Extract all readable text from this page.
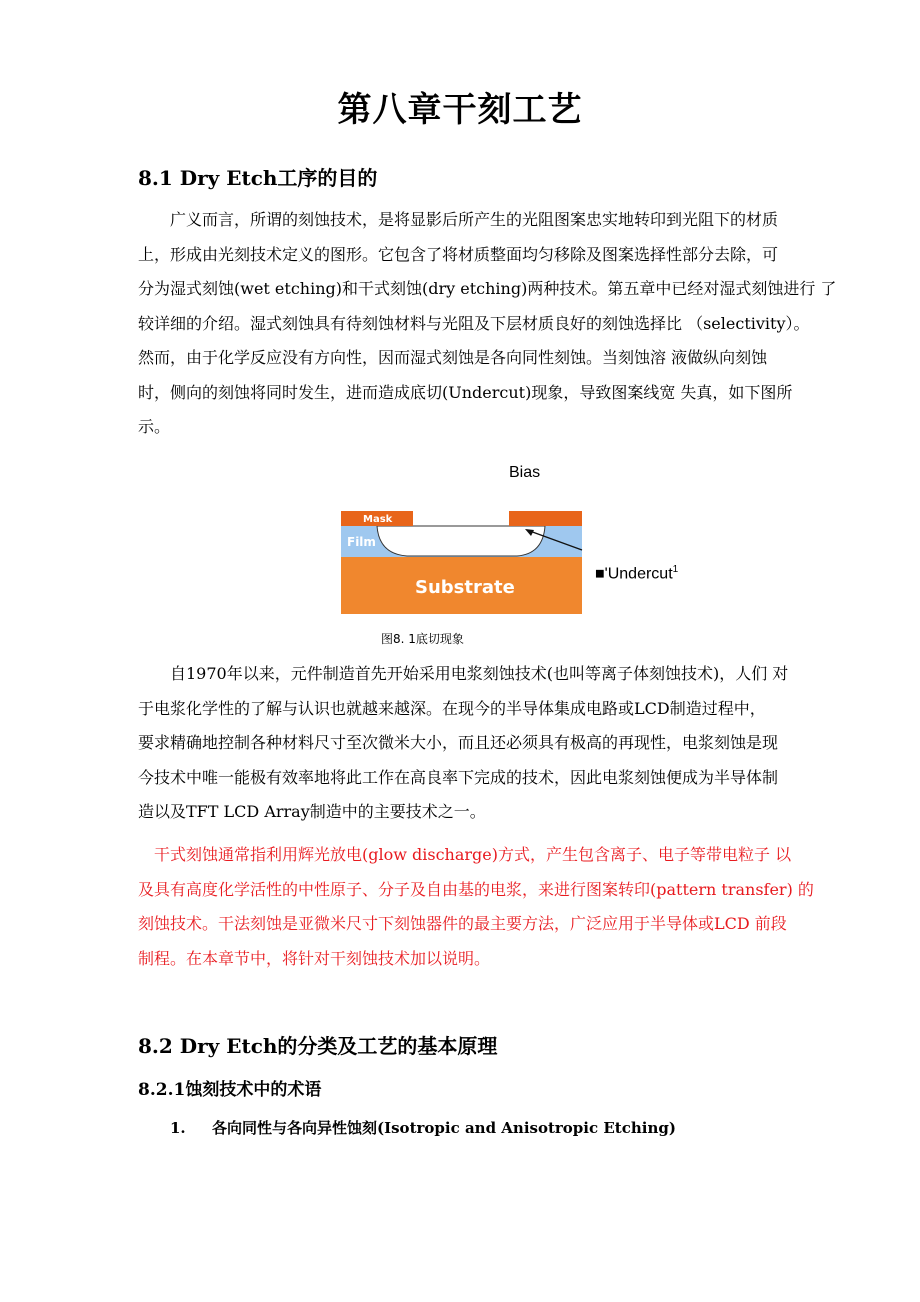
第八章干刻工艺
8.1 Dry Etch工序的目的

广义而言，所谓的刻蚀技术，是将显影后所产生的光阻图案忠实地转印到光阻下的材质
上，形成由光刻技术定义的图形。它包含了将材质整面均匀移除及图案选择性部分去除，可
分为湿式刻蚀(wet etching)和干式刻蚀(dry etching)两种技术。第五章中已经对湿式刻蚀进行 了
较详细的介绍。湿式刻蚀具有待刻蚀材料与光阻及下层材质良好的刻蚀选择比 （selectivity）。
然而，由于化学反应没有方向性，因而湿式刻蚀是各向同性刻蚀。当刻蚀溶 液做纵向刻蚀
时，侧向的刻蚀将同时发生，进而造成底切(Undercut)现象，导致图案线宽 失真，如下图所
示。

Bias
Mask
Film
Substrate
■'Undercut$^1$
图8. 1底切现象

自1970年以来，元件制造首先开始采用电浆刻蚀技术(也叫等离子体刻蚀技术)，人们 对
于电浆化学性的了解与认识也就越来越深。在现今的半导体集成电路或LCD制造过程中，
要求精确地控制各种材料尺寸至次微米大小，而且还必须具有极高的再现性，电浆刻蚀是现
今技术中唯一能极有效率地将此工作在高良率下完成的技术，因此电浆刻蚀便成为半导体制
造以及TFT LCD Array制造中的主要技术之一。

干式刻蚀通常指利用辉光放电(glow discharge)方式，产生包含离子、电子等带电粒子 以
及具有高度化学活性的中性原子、分子及自由基的电浆，来进行图案转印(pattern transfer) 的
刻蚀技术。干法刻蚀是亚微米尺寸下刻蚀器件的最主要方法，广泛应用于半导体或LCD 前段
制程。在本章节中，将针对干刻蚀技术加以说明。

8.2 Dry Etch的分类及工艺的基本原理
8.2.1蚀刻技术中的术语
1. 各向同性与各向异性蚀刻(Isotropic and Anisotropic Etching)
